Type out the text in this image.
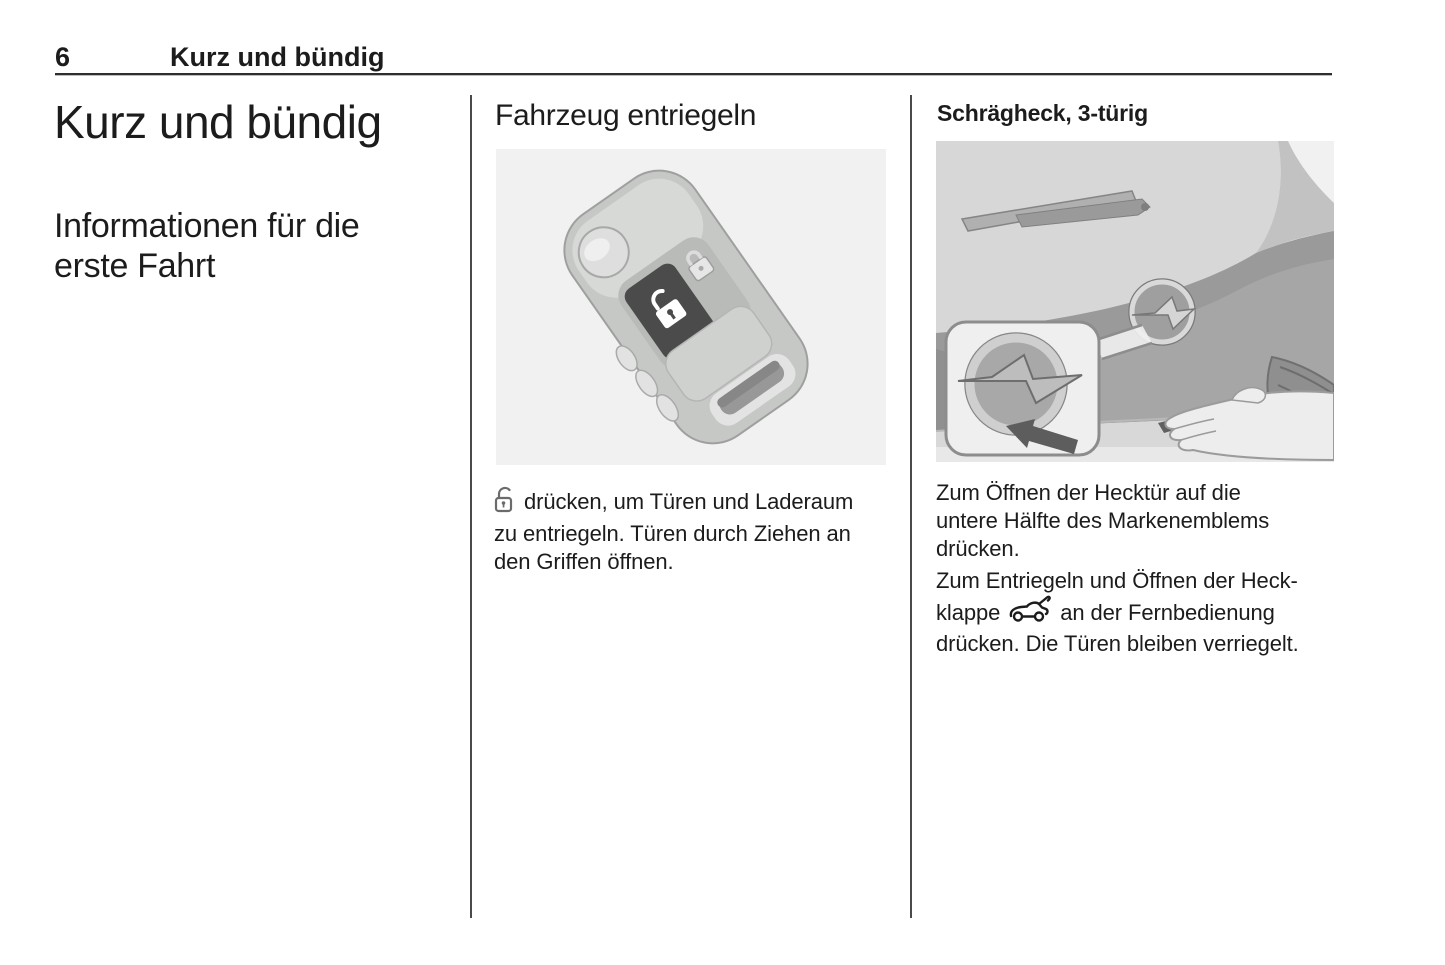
6	Kurz und bündig
Kurz und bündig
Informationen für die
erste Fahrt
Fahrzeug entriegeln

drücken, um Türen und Laderaum
zu entriegeln. Türen durch Ziehen an
den Griffen öffnen.

Schrägheck, 3-türig

Zum Öffnen der Hecktür auf die
untere Hälfte des Markenemblems
drücken.

Zum Entriegeln und Öffnen der Heck-
klappe	an der Fernbedienung
drücken. Die Türen bleiben verriegelt.
